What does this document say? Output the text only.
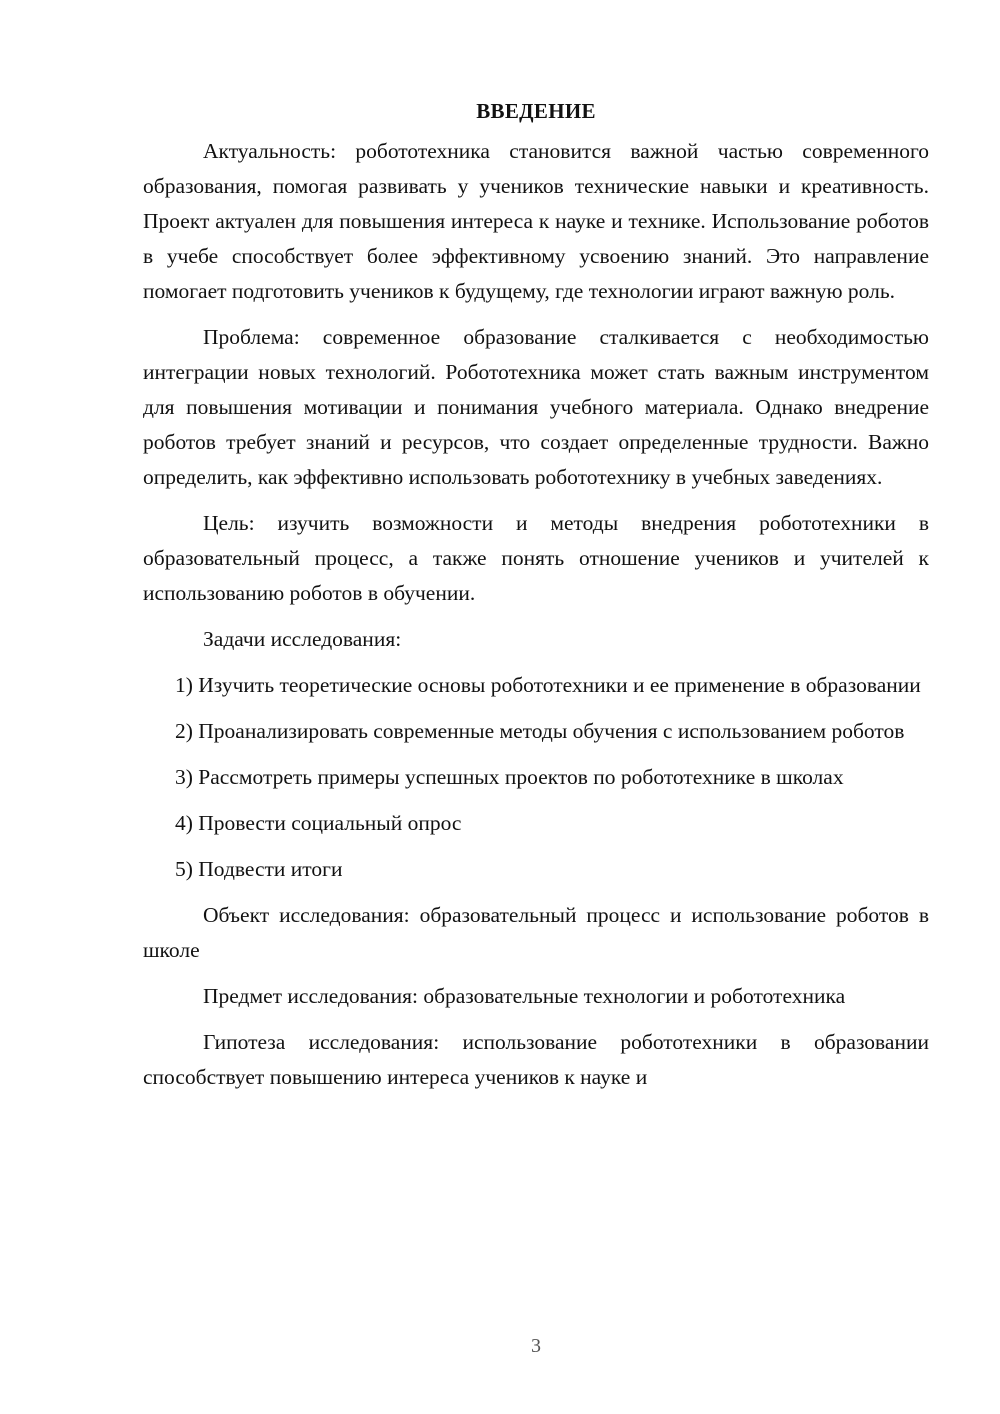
ВВЕДЕНИЕ

Актуальность: робототехника становится важной частью современного образования, помогая развивать у учеников технические навыки и креативность. Проект актуален для повышения интереса к науке и технике. Использование роботов в учебе способствует более эффективному усвоению знаний. Это направление помогает подготовить учеников к будущему, где технологии играют важную роль.

Проблема: современное образование сталкивается с необходимостью интеграции новых технологий. Робототехника может стать важным инструментом для повышения мотивации и понимания учебного материала. Однако внедрение роботов требует знаний и ресурсов, что создает определенные трудности. Важно определить, как эффективно использовать робототехнику в учебных заведениях.

Цель: изучить возможности и методы внедрения робототехники в образовательный процесс, а также понять отношение учеников и учителей к использованию роботов в обучении.

Задачи исследования:

1) Изучить теоретические основы робототехники и ее применение в образовании

2) Проанализировать современные методы обучения с использованием роботов

3) Рассмотреть примеры успешных проектов по робототехнике в школах

4) Провести социальный опрос

5) Подвести итоги

Объект исследования: образовательный процесс и использование роботов в школе

Предмет исследования: образовательные технологии и робототехника

Гипотеза исследования: использование робототехники в образовании способствует повышению интереса учеников к науке и

3
